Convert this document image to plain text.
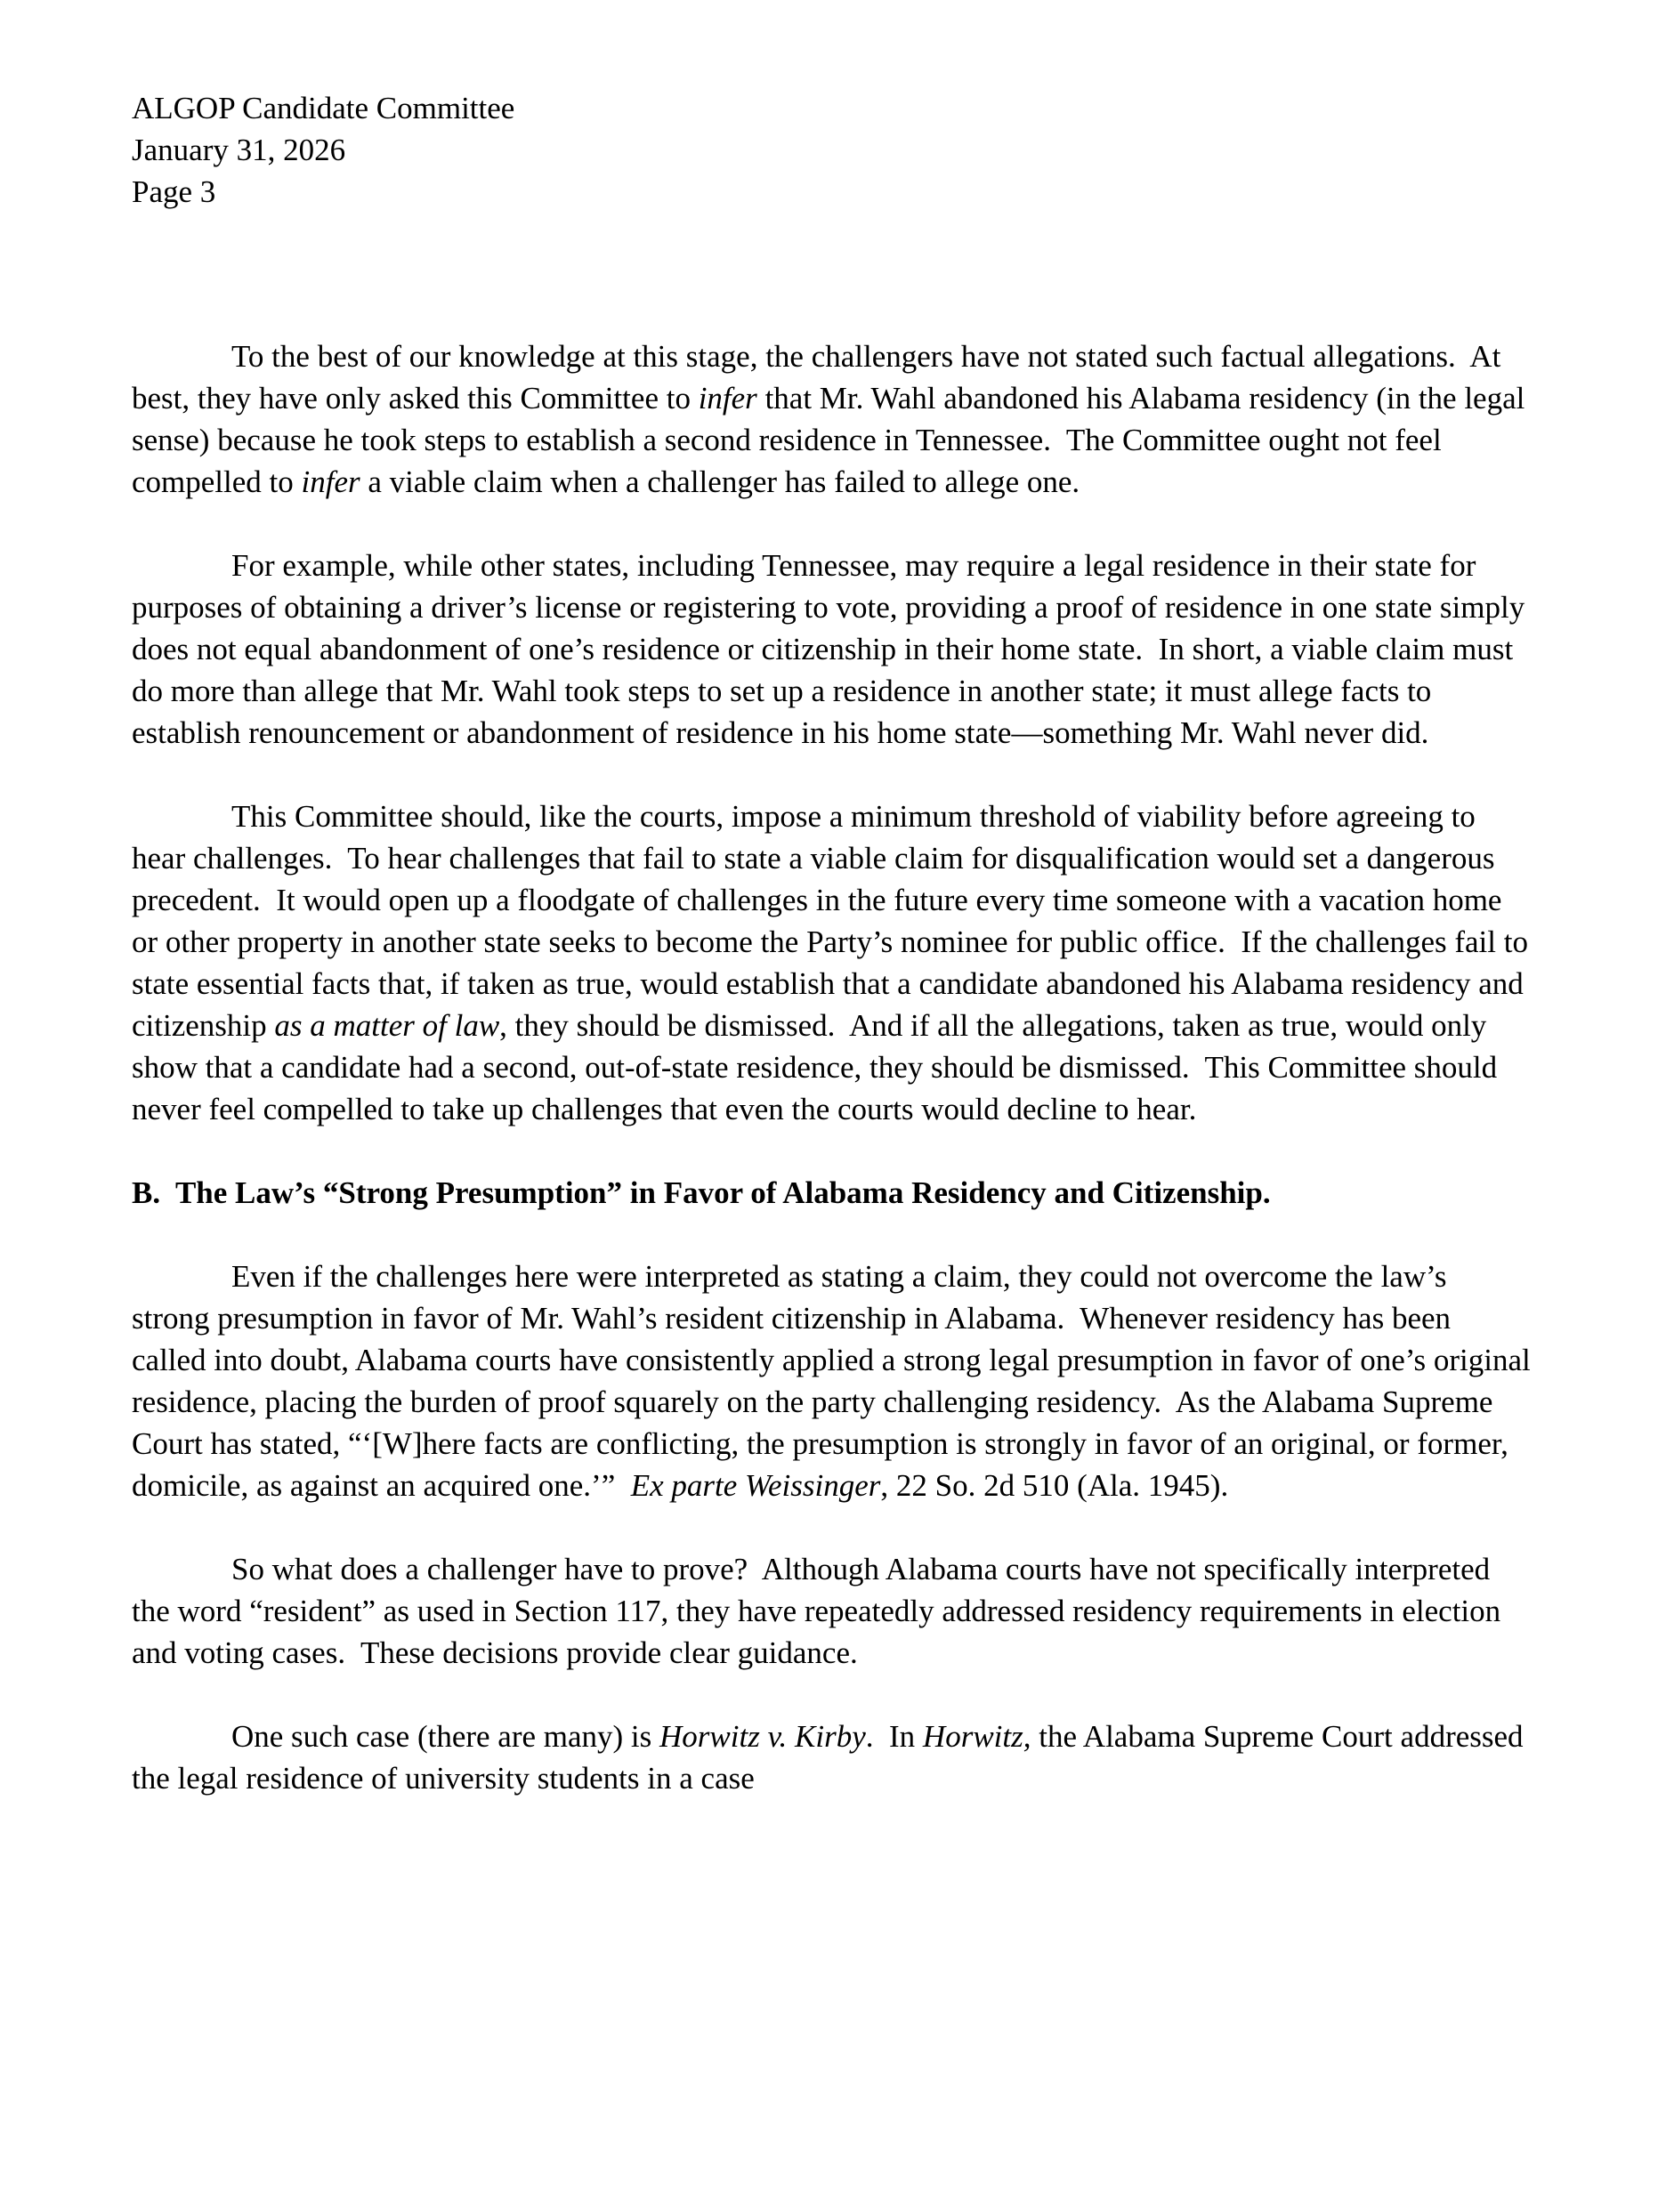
ALGOP Candidate Committee

January 31, 2026

Page 3

To the best of our knowledge at this stage, the challengers have not stated such factual allegations.  At best, they have only asked this Committee to infer that Mr. Wahl abandoned his Alabama residency (in the legal sense) because he took steps to establish a second residence in Tennessee.  The Committee ought not feel compelled to infer a viable claim when a challenger has failed to allege one.

For example, while other states, including Tennessee, may require a legal residence in their state for purposes of obtaining a driver’s license or registering to vote, providing a proof of residence in one state simply does not equal abandonment of one’s residence or citizenship in their home state.  In short, a viable claim must do more than allege that Mr. Wahl took steps to set up a residence in another state; it must allege facts to establish renouncement or abandonment of residence in his home state—something Mr. Wahl never did.

This Committee should, like the courts, impose a minimum threshold of viability before agreeing to hear challenges.  To hear challenges that fail to state a viable claim for disqualification would set a dangerous precedent.  It would open up a floodgate of challenges in the future every time someone with a vacation home or other property in another state seeks to become the Party’s nominee for public office.  If the challenges fail to state essential facts that, if taken as true, would establish that a candidate abandoned his Alabama residency and citizenship as a matter of law, they should be dismissed.  And if all the allegations, taken as true, would only show that a candidate had a second, out-of-state residence, they should be dismissed.  This Committee should never feel compelled to take up challenges that even the courts would decline to hear.

B.  The Law’s “Strong Presumption” in Favor of Alabama Residency and Citizenship.

Even if the challenges here were interpreted as stating a claim, they could not overcome the law’s strong presumption in favor of Mr. Wahl’s resident citizenship in Alabama.  Whenever residency has been called into doubt, Alabama courts have consistently applied a strong legal presumption in favor of one’s original residence, placing the burden of proof squarely on the party challenging residency.  As the Alabama Supreme Court has stated, “‘[W]here facts are conflicting, the presumption is strongly in favor of an original, or former, domicile, as against an acquired one.’”  Ex parte Weissinger, 22 So. 2d 510 (Ala. 1945).

So what does a challenger have to prove?  Although Alabama courts have not specifically interpreted the word “resident” as used in Section 117, they have repeatedly addressed residency requirements in election and voting cases.  These decisions provide clear guidance.

One such case (there are many) is Horwitz v. Kirby.  In Horwitz, the Alabama Supreme Court addressed the legal residence of university students in a case
